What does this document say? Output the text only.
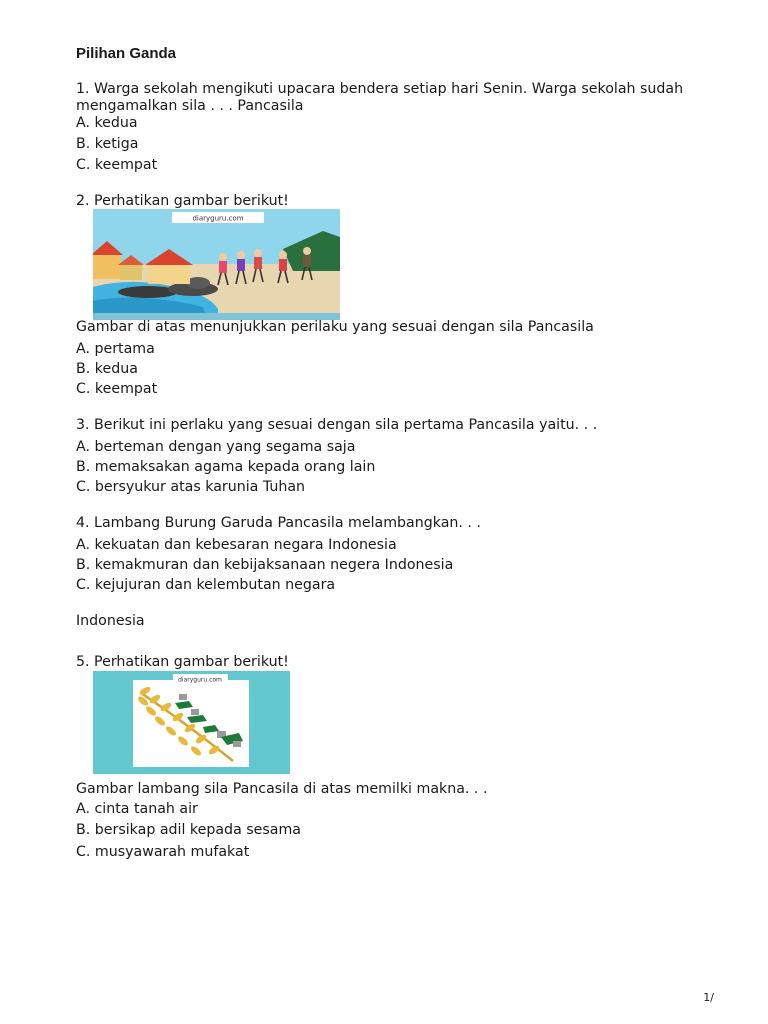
Pilihan Ganda
1. Warga sekolah mengikuti upacara bendera setiap hari Senin. Warga sekolah sudah mengamalkan sila . . . Pancasila
A. kedua
B. ketiga
C. keempat
2. Perhatikan gambar berikut!
diaryguru.com
Gambar di atas menunjukkan perilaku yang sesuai dengan sila Pancasila
A. pertama
B. kedua
C. keempat
3. Berikut ini perlaku yang sesuai dengan sila pertama Pancasila yaitu. . .
A. berteman dengan yang segama saja
B. memaksakan agama kepada orang lain
C. bersyukur atas karunia Tuhan
4. Lambang Burung Garuda Pancasila melambangkan. . .
A. kekuatan dan kebesaran negara Indonesia
B. kemakmuran dan kebijaksanaan negera Indonesia
C. kejujuran dan kelembutan negara
Indonesia
5. Perhatikan gambar berikut!
diaryguru.com
Gambar lambang sila Pancasila di atas memilki makna. . .
A. cinta tanah air
B. bersikap adil kepada sesama
C. musyawarah mufakat
1/
